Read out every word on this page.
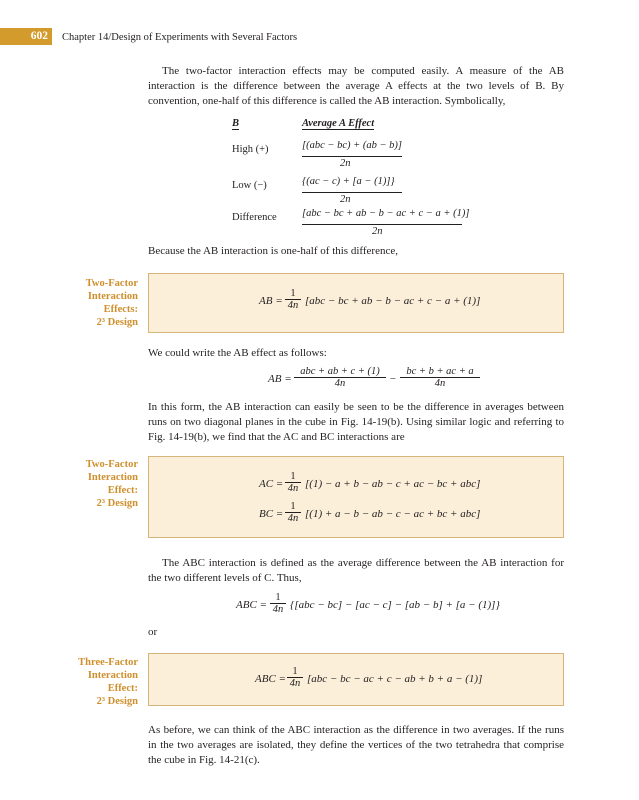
602	Chapter 14/Design of Experiments with Several Factors
The two-factor interaction effects may be computed easily. A measure of the AB interaction is the difference between the average A effects at the two levels of B. By convention, one-half of this difference is called the AB interaction. Symbolically,
B	Average A Effect
High (+)	[(abc − bc) + (ab − b)]
2n
Low (−)	{(ac − c) + [a − (1)]}
2n
Difference [abc − bc + ab − b − ac + c − a + (1)]
2n
Because the AB interaction is one-half of this difference,
Two-Factor
Interaction
Effects:
2³ Design
AB =
1
4n [abc − bc + ab − b − ac + c − a + (1)]
We could write the AB effect as follows:
AB =
abc + ab + c + (1)
4n	−
bc + b + ac + a
4n
In this form, the AB interaction can easily be seen to be the difference in averages between runs on two diagonal planes in the cube in Fig. 14-19(b). Using similar logic and referring to Fig. 14-19(b), we find that the AC and BC interactions are
Two-Factor
Interaction
Effect:
2³ Design
AC =
1
4n [(1) − a + b − ab − c + ac − bc + abc]
BC =
1
4n [(1) + a − b − ab − c − ac + bc + abc]
The ABC interaction is defined as the average difference between the AB interaction for the two different levels of C. Thus,
ABC =
1
4n {[abc − bc] − [ac − c] − [ab − b] + [a − (1)]}
or
Three-Factor
Interaction
Effect:
2³ Design
ABC =
1
4n [abc − bc − ac + c − ab + b + a − (1)]
As before, we can think of the ABC interaction as the difference in two averages. If the runs in the two averages are isolated, they define the vertices of the two tetrahedra that comprise the cube in Fig. 14-21(c).
